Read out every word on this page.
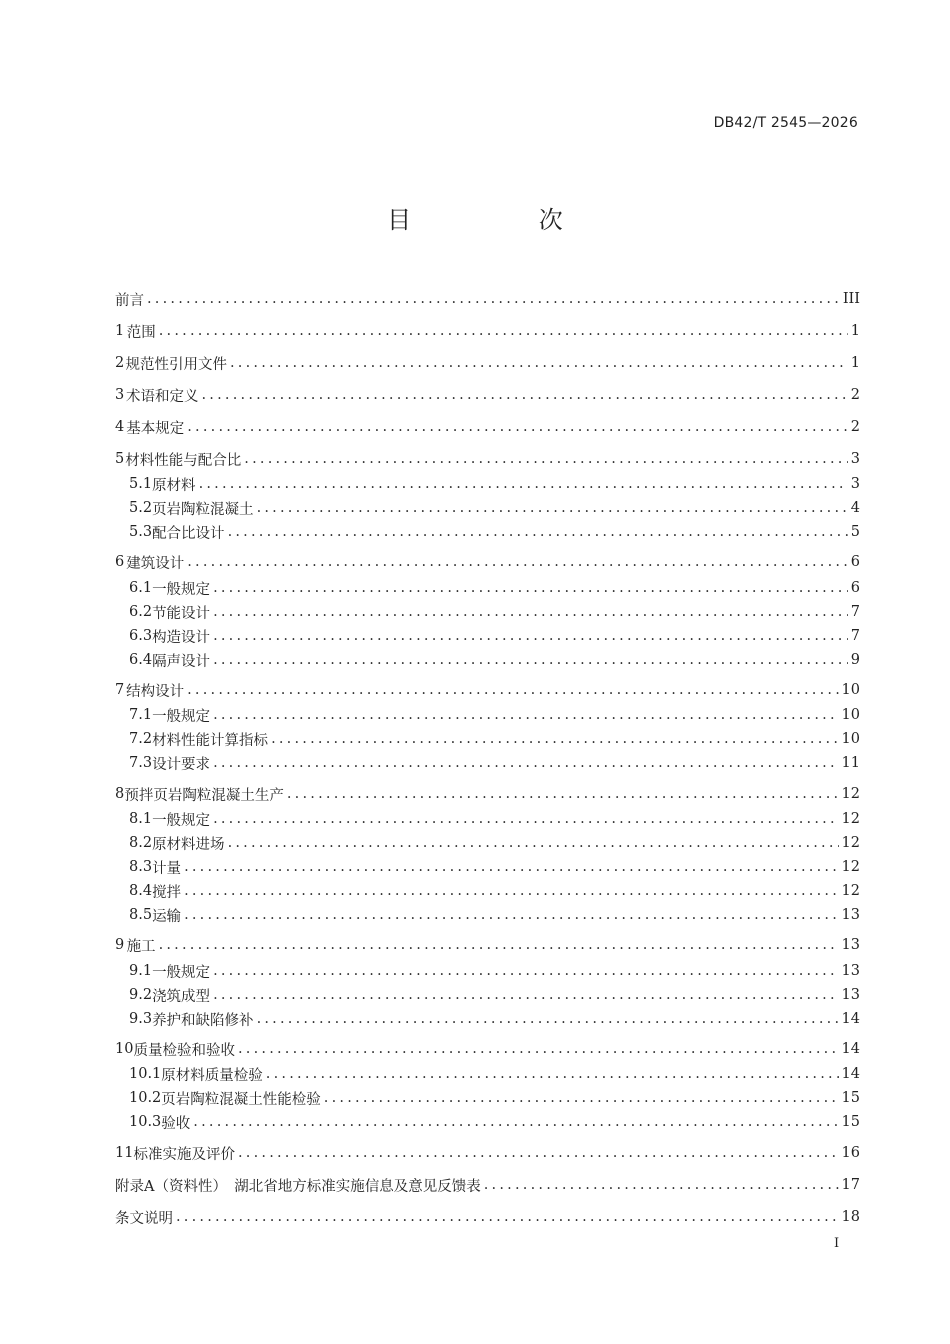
DB42/T 2545—2026
目 次
前言 .....	III
1 范围 .....	1
2 规范性引用文件 .....	1
3 术语和定义 .....	2
4 基本规定 .....	2
5 材料性能与配合比 .....	3
5.1 原材料 .....	3
5.2 页岩陶粒混凝土 .....	4
5.3 配合比设计 .....	5
6 建筑设计 .....	6
6.1 一般规定 .....	6
6.2 节能设计 .....	7
6.3 构造设计 .....	7
6.4 隔声设计 .....	9
7 结构设计 .....	10
7.1 一般规定 .....	10
7.2 材料性能计算指标 .....	10
7.3 设计要求 .....	11
8 预拌页岩陶粒混凝土生产 .....	12
8.1 一般规定 .....	12
8.2 原材料进场 .....	12
8.3 计量 .....	12
8.4 搅拌 .....	12
8.5 运输 .....	13
9 施工 .....	13
9.1 一般规定 .....	13
9.2 浇筑成型 .....	13
9.3 养护和缺陷修补 .....	14
10 质量检验和验收 .....	14
10.1 原材料质量检验 .....	14
10.2 页岩陶粒混凝土性能检验 .....	15
10.3 验收 .....	15
11 标准实施及评价 .....	16
附录A（资料性）　湖北省地方标准实施信息及意见反馈表 .....	17
条文说明 .....	18
I
